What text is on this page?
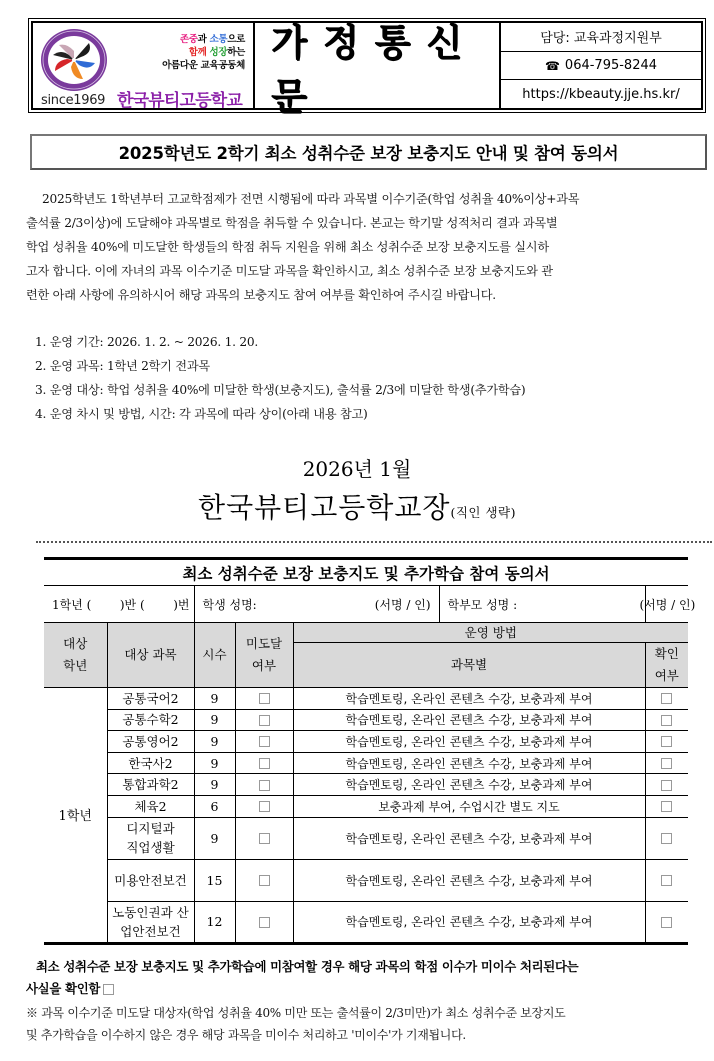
since1969
존중과 소통으로
함께 성장하는
아름다운 교육공동체
한국뷰티고등학교
가정통신문
담당: 교육과정지원부
☎ 064-795-8244
https://kbeauty.jje.hs.kr/
2025학년도 2학기 최소 성취수준 보장 보충지도 안내 및 참여 동의서
2025학년도 1학년부터 고교학점제가 전면 시행됨에 따라 과목별 이수기준(학업 성취율 40%이상+과목
출석률 2/3이상)에 도달해야 과목별로 학점을 취득할 수 있습니다. 본교는 학기말 성적처리 결과 과목별
학업 성취율 40%에 미도달한 학생들의 학점 취득 지원을 위해 최소 성취수준 보장 보충지도를 실시하
고자 합니다. 이에 자녀의 과목 이수기준 미도달 과목을 확인하시고, 최소 성취수준 보장 보충지도와 관
련한 아래 사항에 유의하시어 해당 과목의 보충지도 참여 여부를 확인하여 주시길 바랍니다.
1. 운영 기간: 2026. 1. 2. ~ 2026. 1. 20.
2. 운영 과목: 1학년 2학기 전과목
3. 운영 대상: 학업 성취율 40%에 미달한 학생(보충지도), 출석률 2/3에 미달한 학생(추가학습)
4. 운영 차시 및 방법, 시간: 각 과목에 따라 상이(아래 내용 참고)
2026년 1월
한국뷰티고등학교장(직인 생략)
최소 성취수준 보장 보충지도 및 추가학습 참여 동의서					

1학년 ( )반 ( )번	학생 성명:	(서명 / 인) 학부모 성명 :	(서명 / 인)
대상 학년	대상 과목	시수	미도달 여부	운영 방법	
				과목별	확인 여부
1학년	공통국어2	9		학습멘토링, 온라인 콘텐츠 수강, 보충과제 부여	
	공통수학2	9		학습멘토링, 온라인 콘텐츠 수강, 보충과제 부여	
	공통영어2	9		학습멘토링, 온라인 콘텐츠 수강, 보충과제 부여	
	한국사2	9		학습멘토링, 온라인 콘텐츠 수강, 보충과제 부여	
	통합과학2	9		학습멘토링, 온라인 콘텐츠 수강, 보충과제 부여	
	체육2	6		보충과제 부여, 수업시간 별도 지도	
	디지털과 직업생활	9		학습멘토링, 온라인 콘텐츠 수강, 보충과제 부여	
	미용안전보건	15		학습멘토링, 온라인 콘텐츠 수강, 보충과제 부여	
	노동인권과 산업안전보건	12		학습멘토링, 온라인 콘텐츠 수강, 보충과제 부여	
최소 성취수준 보장 보충지도 및 추가학습에 미참여할 경우 해당 과목의 학점 이수가 미이수 처리된다는
사실을 확인함
※ 과목 이수기준 미도달 대상자(학업 성취율 40% 미만 또는 출석률이 2/3미만)가 최소 성취수준 보장지도
및 추가학습을 이수하지 않은 경우 해당 과목을 미이수 처리하고 '미이수'가 기재됩니다.
